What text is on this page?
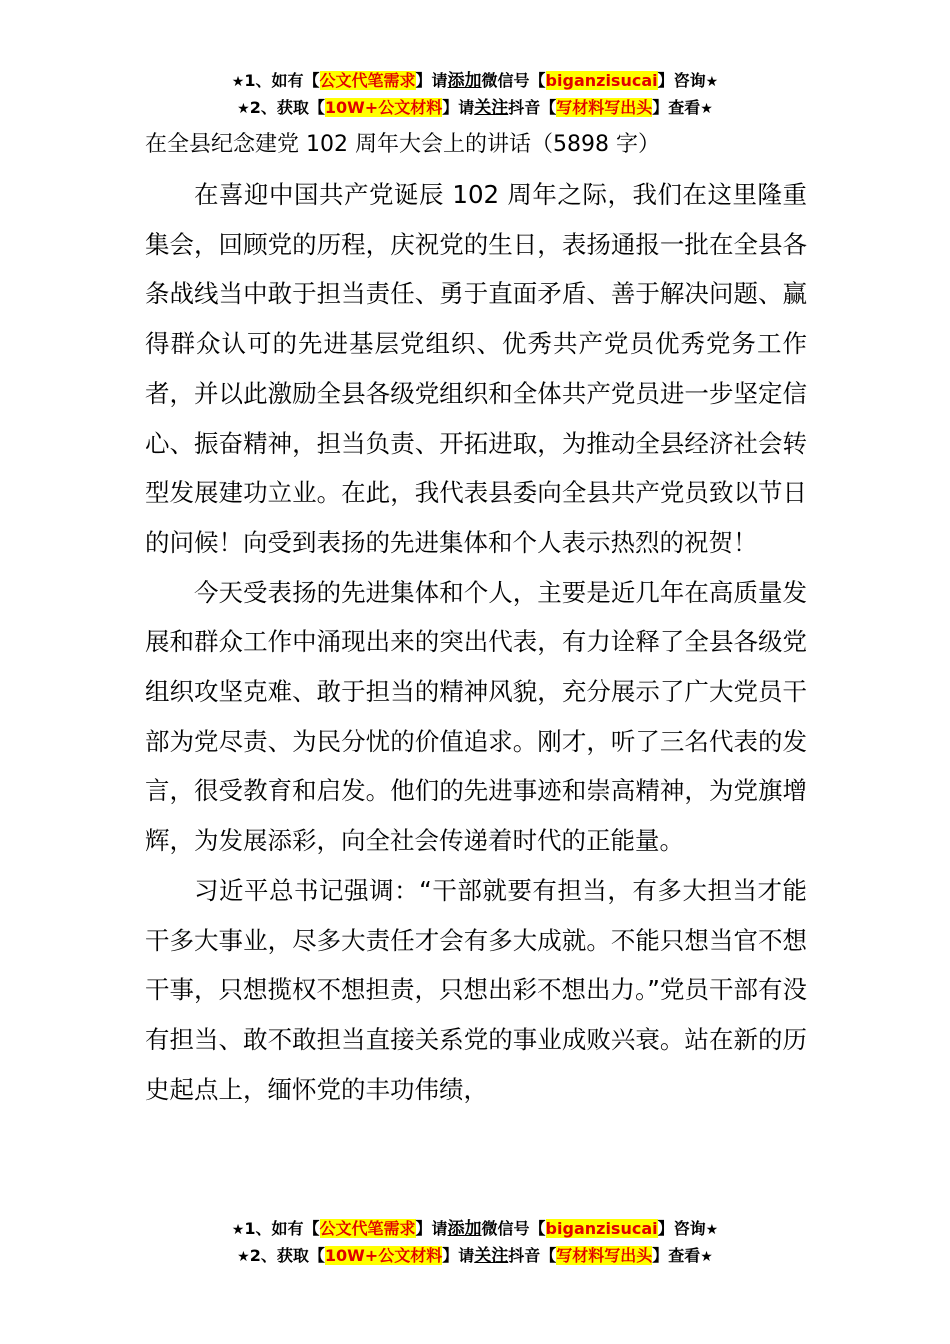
★1、如有【公文代笔需求】请添加微信号【biganzisucai】咨询★
★2、获取【10W+公文材料】请关注抖音【写材料写出头】查看★
在全县纪念建党 102 周年大会上的讲话（5898 字）

在喜迎中国共产党诞辰 102 周年之际，我们在这里隆重集会，回顾党的历程，庆祝党的生日，表扬通报一批在全县各条战线当中敢于担当责任、勇于直面矛盾、善于解决问题、赢得群众认可的先进基层党组织、优秀共产党员优秀党务工作者，并以此激励全县各级党组织和全体共产党员进一步坚定信心、振奋精神，担当负责、开拓进取，为推动全县经济社会转型发展建功立业。在此，我代表县委向全县共产党员致以节日的问候！向受到表扬的先进集体和个人表示热烈的祝贺！

今天受表扬的先进集体和个人，主要是近几年在高质量发展和群众工作中涌现出来的突出代表，有力诠释了全县各级党组织攻坚克难、敢于担当的精神风貌，充分展示了广大党员干部为党尽责、为民分忧的价值追求。刚才，听了三名代表的发言，很受教育和启发。他们的先进事迹和崇高精神，为党旗增辉，为发展添彩，向全社会传递着时代的正能量。

习近平总书记强调：“干部就要有担当，有多大担当才能干多大事业，尽多大责任才会有多大成就。不能只想当官不想干事，只想揽权不想担责，只想出彩不想出力。”党员干部有没有担当、敢不敢担当直接关系党的事业成败兴衰。站在新的历史起点上，缅怀党的丰功伟绩，

★1、如有【公文代笔需求】请添加微信号【biganzisucai】咨询★
★2、获取【10W+公文材料】请关注抖音【写材料写出头】查看★
